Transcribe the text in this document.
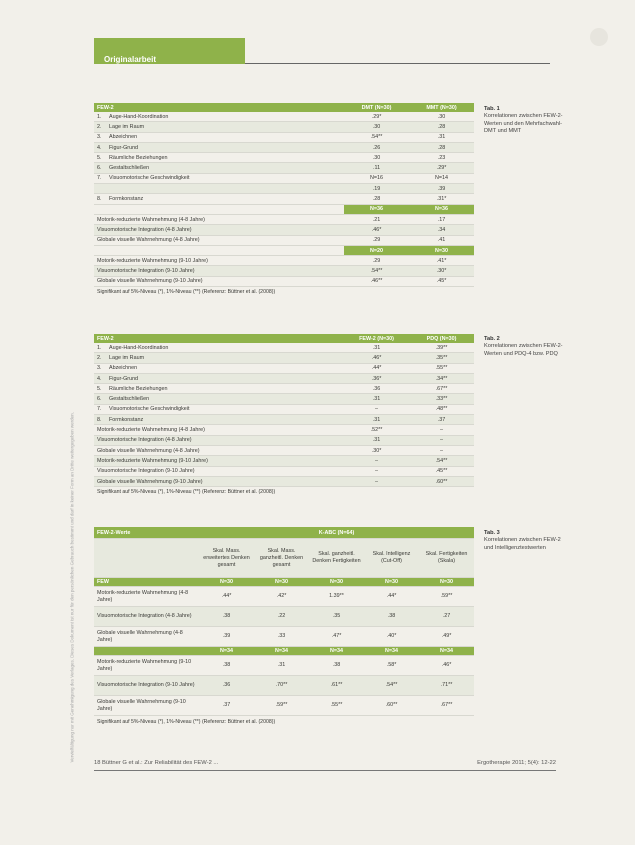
Originalarbeit
Vervielfältigung nur mit Genehmigung des Verlages. Dieses Dokument ist nur für den persönlichen Gebrauch bestimmt und darf in keiner Form an Dritte weitergegeben werden.
FEW-2		DMT (N=30)	MMT (N=30)
1.	Auge-Hand-Koordination	.29*	.30
2.	Lage im Raum	.30	.28
3.	Abzeichnen	.54**	.31
4.	Figur-Grund	.26	.28
5.	Räumliche Beziehungen	.30	.23
6.	Gestaltschließen	.11	.29*
7.	Visuomotorische Geschwindigkeit	N=16	N=14
		.19	.39
8.	Formkonstanz	.28	.31*
		N=36	N=36
Motorik-reduzierte Wahrnehmung (4-8 Jahre)		.21	.17
Visuomotorische Integration (4-8 Jahre)		.46*	.34
Globale visuelle Wahrnehmung (4-8 Jahre)		.29	.41
		N=20	N=30
Motorik-reduzierte Wahrnehmung (9-10 Jahre)		.29	.41*
Visuomotorische Integration (9-10 Jahre)		.54**	.30*
Globale visuelle Wahrnehmung (9-10 Jahre)		.46**	.45*
Signifikant auf 5%-Niveau (*), 1%-Niveau (**) (Referenz: Büttner et al. (2008))			
Tab. 1
Korrelationen zwischen FEW-2-Werten und den Mehrfachwahl-DMT und MMT
FEW-2		FEW-2 (N=30)	PDQ (N=30)
1.	Auge-Hand-Koordination	.31	.39**
2.	Lage im Raum	.46*	.35**
3.	Abzeichnen	.44*	.55**
4.	Figur-Grund	.36*	.34**
5.	Räumliche Beziehungen	.36	.67**
6.	Gestaltschließen	.31	.33**
7.	Visuomotorische Geschwindigkeit	–	.48**
8.	Formkonstanz	.31	.37
Motorik-reduzierte Wahrnehmung (4-8 Jahre)		.52**	–
Visuomotorische Integration (4-8 Jahre)		.31	–
Globale visuelle Wahrnehmung (4-8 Jahre)		.30*	–
Motorik-reduzierte Wahrnehmung (9-10 Jahre)		–	.54**
Visuomotorische Integration (9-10 Jahre)		–	.45**
Globale visuelle Wahrnehmung (9-10 Jahre)		–	.60**
Signifikant auf 5%-Niveau (*), 1%-Niveau (**) (Referenz: Büttner et al. (2008))			
Tab. 2
Korrelationen zwischen FEW-2-Werten und PDQ-4 bzw. PDQ
FEW-2-Werte	K-ABC (N=64)				
	Skal. Mass. erweitertes Denken gesamt	Skal. Mass. ganzheitl. Denken gesamt	Skal. ganzheitl. Denken Fertigkeiten	Skal. Intelligenz (Cut-Off)	Skal. Fertigkeiten (Skala)
FEW	N=30	N=30	N=30	N=30	N=30
Motorik-reduzierte Wahrnehmung (4-8 Jahre)	.44*	.42*	1.39**	.44*	.59**
Visuomotorische Integration (4-8 Jahre)	.38	.22	.35	.38	.27
Globale visuelle Wahrnehmung (4-8 Jahre)	.39	.33	.47*	.40*	.49*
	N=34	N=34	N=34	N=34	N=34
Motorik-reduzierte Wahrnehmung (9-10 Jahre)	.38	.31	.38	.58*	.46*
Visuomotorische Integration (9-10 Jahre)	.36	.70**	.61**	.54**	.71**
Globale visuelle Wahrnehmung (9-10 Jahre)	.37	.59**	.55**	.60**	.67**
Signifikant auf 5%-Niveau (*), 1%-Niveau (**) (Referenz: Büttner et al. (2008))					
Tab. 3
Korrelationen zwischen FEW-2 und Intelligenztestwerten
18 Büttner G et al.: Zur Reliabilität des FEW-2 ...	Ergotherapie 2011; 5(4): 12-22
